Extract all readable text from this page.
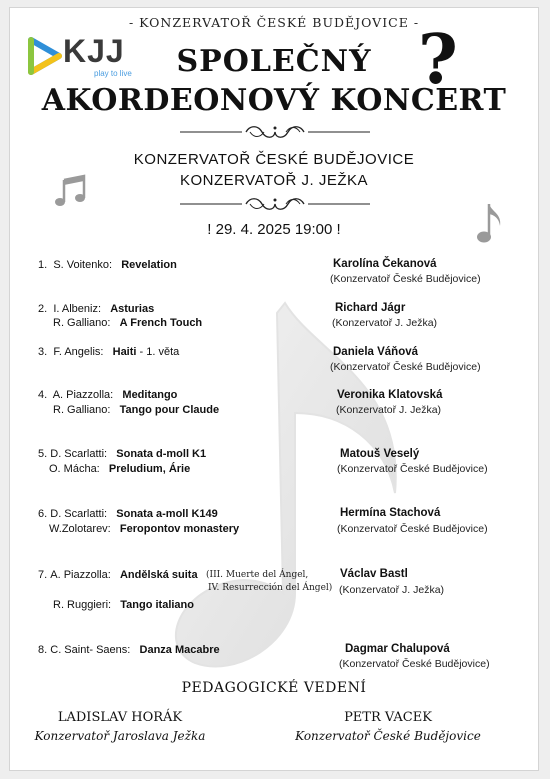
- KONZERVATOŘ ČESKÉ BUDĚJOVICE -
KJJ
play to live	SPOLEČNÝ
AKORDEONOVÝ KONCERT
?
KONZERVATOŘ ČESKÉ BUDĚJOVICE
KONZERVATOŘ J. JEŽKA
! 29. 4. 2025 19:00 !
1. S. Voitenko: Revelation	Karolína Čekanová
(Konzervatoř České Budějovice)
2. I. Albeniz: Asturias
R. Galliano: A French Touch
Richard Jágr
(Konzervatoř J. Ježka)
3. F. Angelis: Haiti - 1. věta	Daniela Váňová
(Konzervatoř České Budějovice)
4. A. Piazzolla: Meditango
R. Galliano: Tango pour Claude
Veronika Klatovská
(Konzervatoř J. Ježka)
5. D. Scarlatti: Sonata d-moll K1
O. Mácha: Preludium, Árie
Matouš Veselý
(Konzervatoř České Budějovice)
6. D. Scarlatti: Sonata a-moll K149
W.Zolotarev: Feropontov monastery
Hermína Stachová
(Konzervatoř České Budějovice)
7. A. Piazzolla: Andělská suita (III. Muerte del Ángel,
IV. Resurrección del Ángel)
R. Ruggieri: Tango italiano
Václav Bastl
(Konzervatoř J. Ježka)
8. C. Saint- Saens: Danza Macabre	Dagmar Chalupová
(Konzervatoř České Budějovice)
PEDAGOGICKÉ VEDENÍ
LADISLAV HORÁK
Konzervatoř Jaroslava Ježka
PETR VACEK
Konzervatoř České Budějovice
